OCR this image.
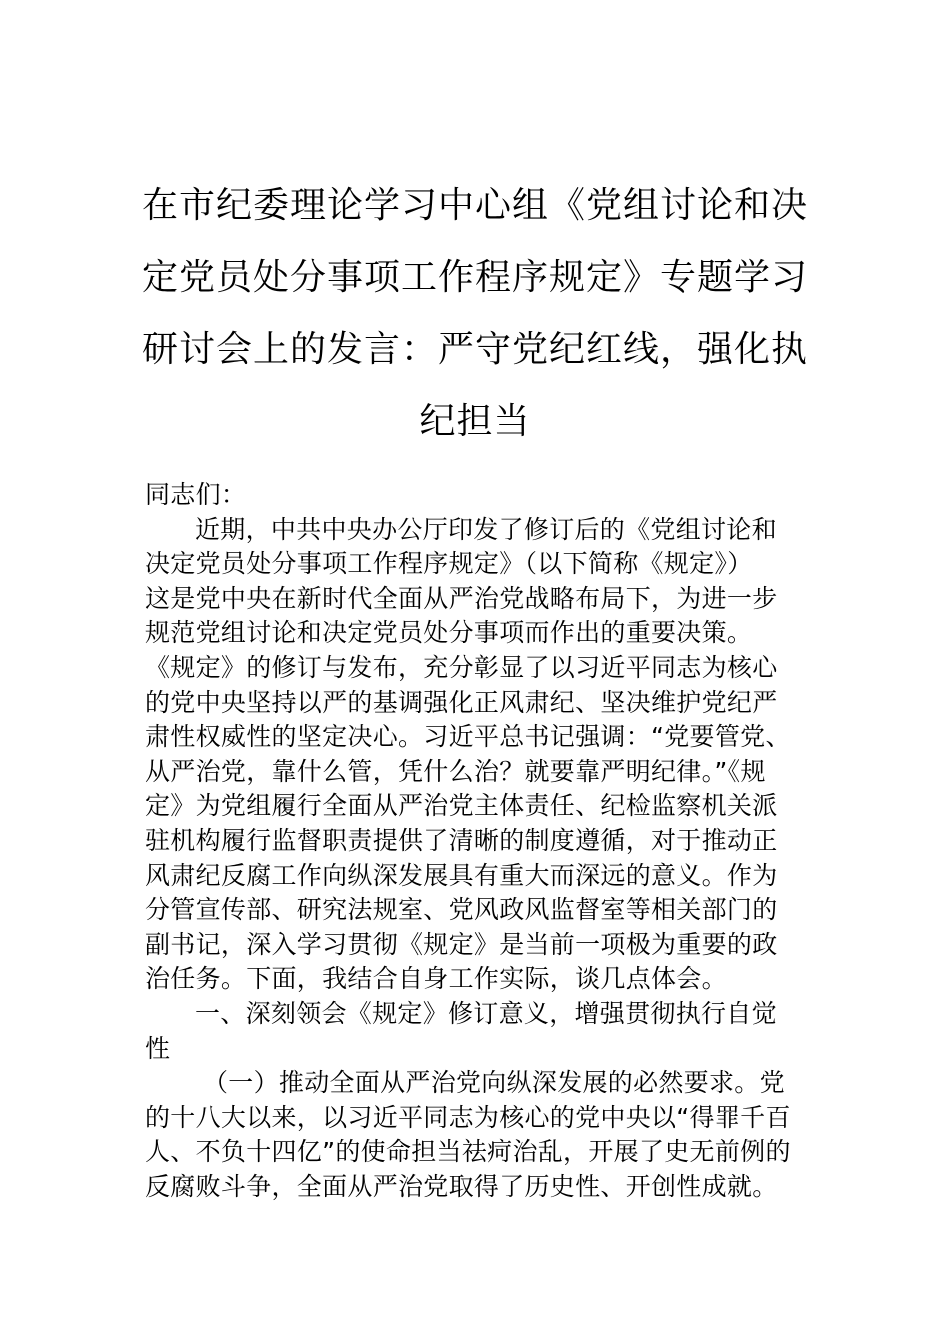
在市纪委理论学习中心组《党组讨论和决
定党员处分事项工作程序规定》专题学习
研讨会上的发言：严守党纪红线，强化执
纪担当
同志们：
近期，中共中央办公厅印发了修订后的《党组讨论和
决定党员处分事项工作程序规定》（以下简称《规定》）
这是党中央在新时代全面从严治党战略布局下，为进一步
规范党组讨论和决定党员处分事项而作出的重要决策。
《规定》的修订与发布，充分彰显了以习近平同志为核心
的党中央坚持以严的基调强化正风肃纪、坚决维护党纪严
肃性权威性的坚定决心。习近平总书记强调：“党要管党、
从严治党，靠什么管，凭什么治？就要靠严明纪律。”《规
定》为党组履行全面从严治党主体责任、纪检监察机关派
驻机构履行监督职责提供了清晰的制度遵循，对于推动正
风肃纪反腐工作向纵深发展具有重大而深远的意义。作为
分管宣传部、研究法规室、党风政风监督室等相关部门的
副书记，深入学习贯彻《规定》是当前一项极为重要的政
治任务。下面，我结合自身工作实际，谈几点体会。
一、深刻领会《规定》修订意义，增强贯彻执行自觉
性
（一）推动全面从严治党向纵深发展的必然要求。党
的十八大以来，以习近平同志为核心的党中央以“得罪千百
人、不负十四亿”的使命担当祛疴治乱，开展了史无前例的
反腐败斗争，全面从严治党取得了历史性、开创性成就。
